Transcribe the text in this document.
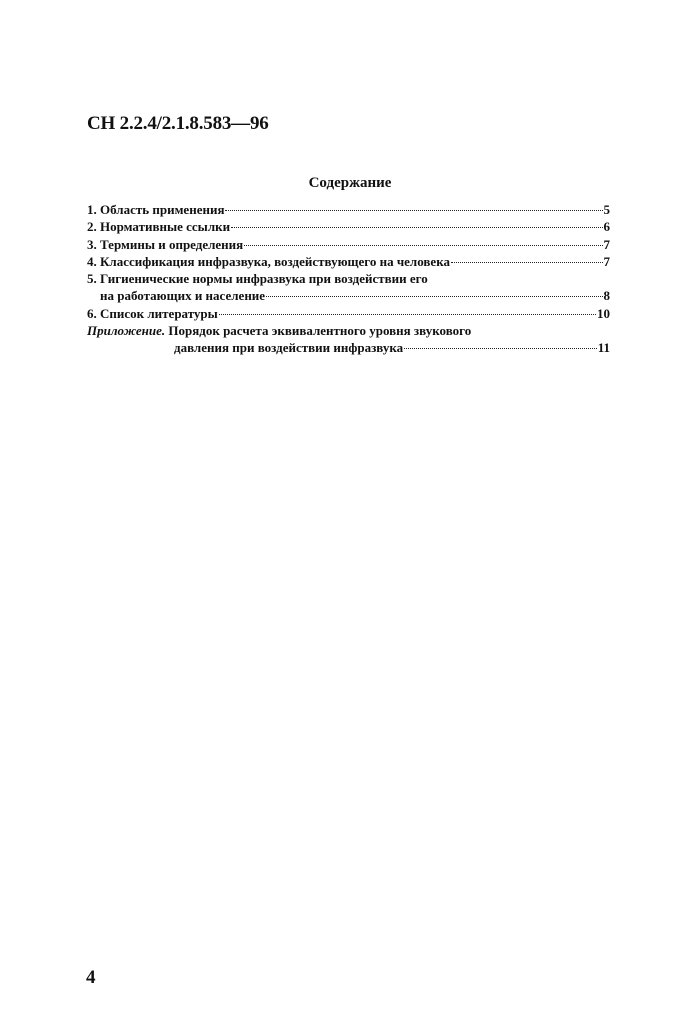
СН 2.2.4/2.1.8.583—96
Содержание
1. Область применения	5
2. Нормативные ссылки	6
3. Термины и определения	7
4. Классификация инфразвука, воздействующего на человека	7
5. Гигиенические нормы инфразвука при воздействии его
на работающих и население	8
6. Список литературы	10
Приложение. Порядок расчета эквивалентного уровня звукового
давления при воздействии инфразвука	11
4
